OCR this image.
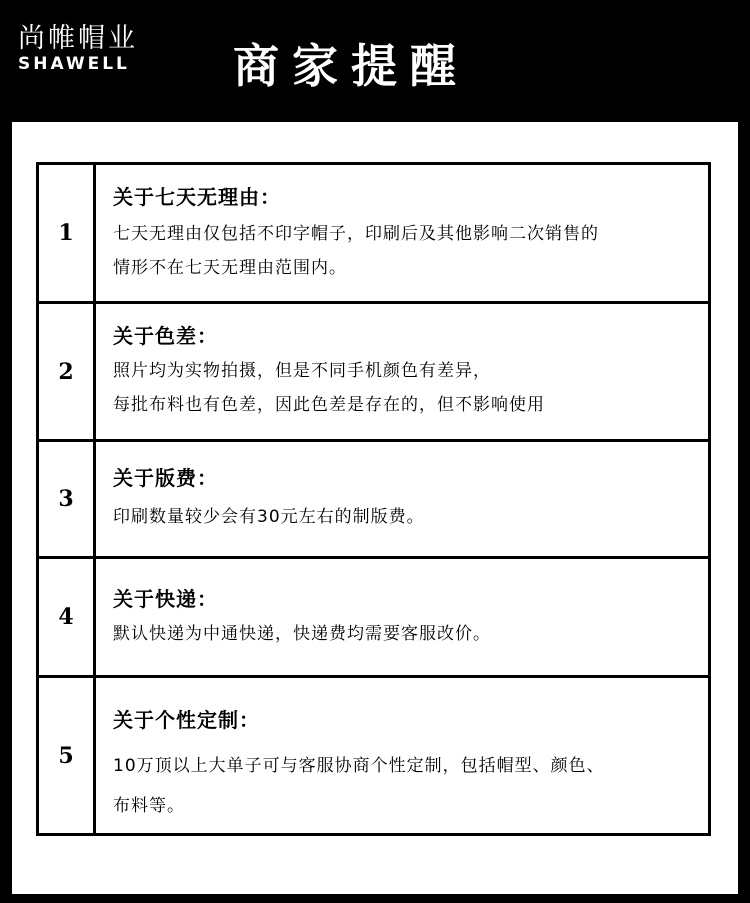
尚帷帽业
SHAWELL 商家提醒
1
关于七天无理由：
七天无理由仅包括不印字帽子，印刷后及其他影响二次销售的
情形不在七天无理由范围内。
2
关于色差：
照片均为实物拍摄，但是不同手机颜色有差异，
每批布料也有色差，因此色差是存在的，但不影响使用
3
关于版费：
印刷数量较少会有30元左右的制版费。
4
关于快递：
默认快递为中通快递，快递费均需要客服改价。
5
关于个性定制：
10万顶以上大单子可与客服协商个性定制，包括帽型、颜色、
布料等。
